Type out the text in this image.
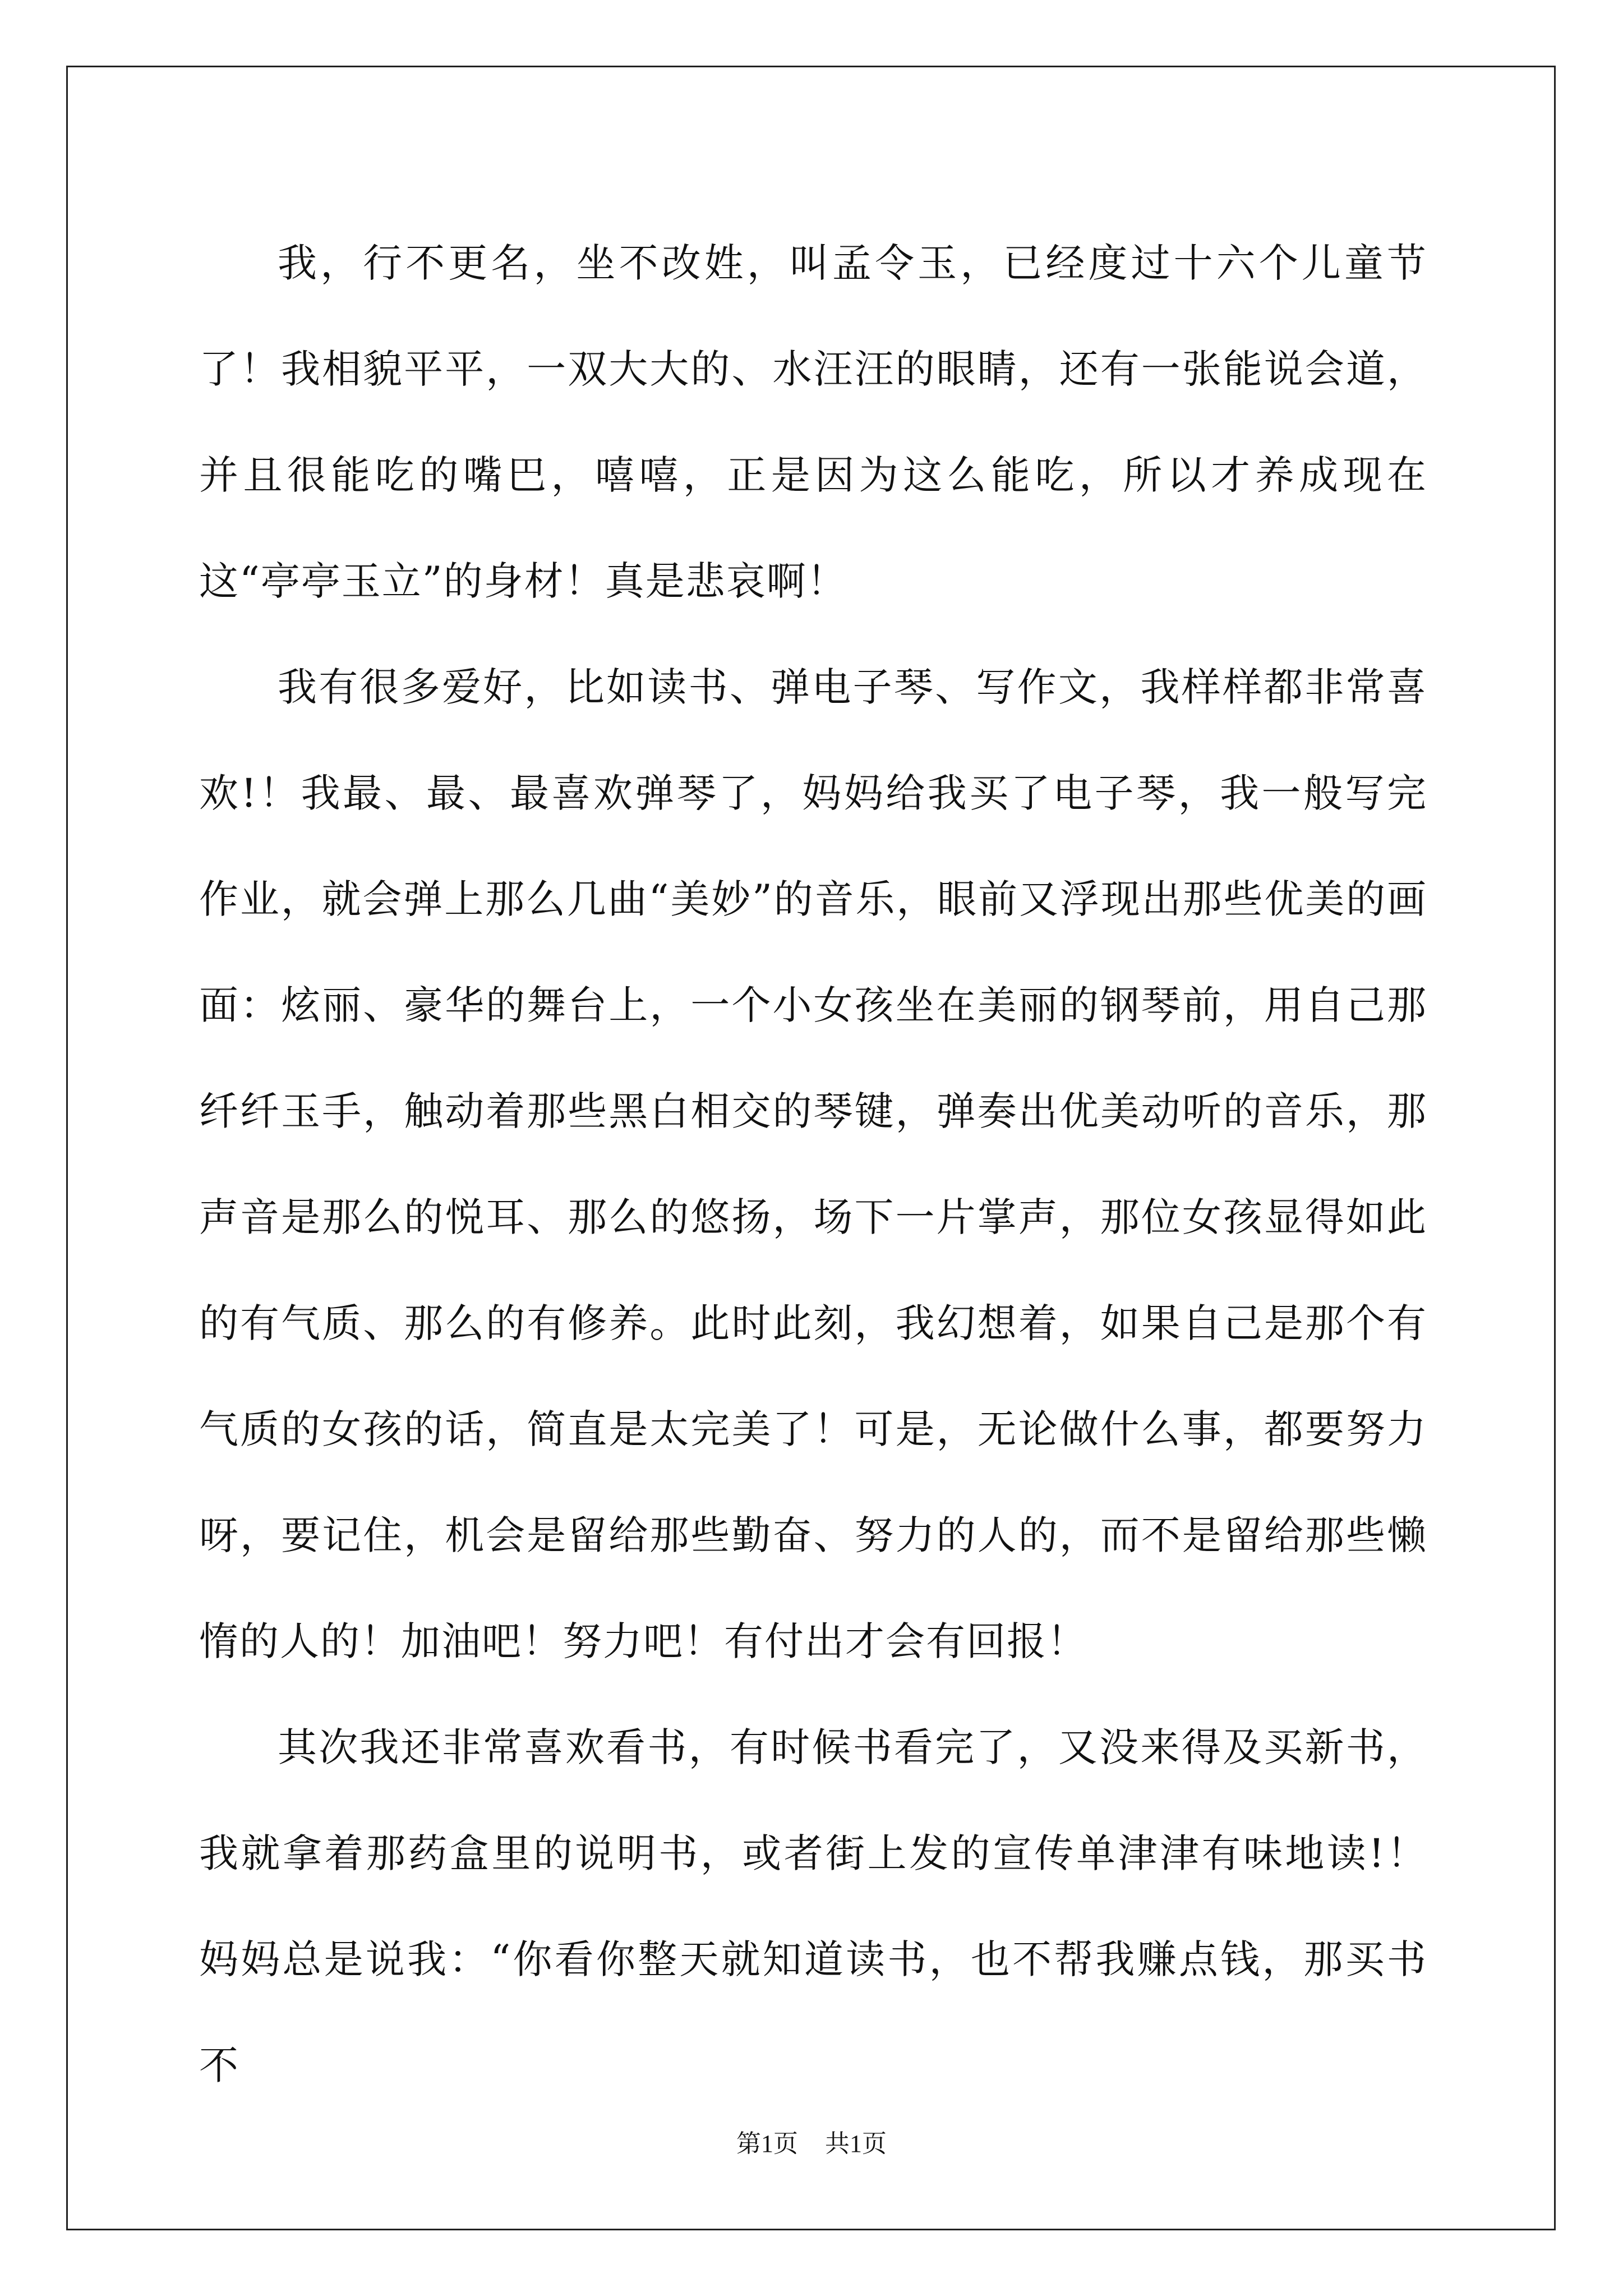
我，行不更名，坐不改姓，叫孟令玉，已经度过十六个儿童节了！我相貌平平，一双大大的、水汪汪的眼睛，还有一张能说会道，并且很能吃的嘴巴，嘻嘻，正是因为这么能吃，所以才养成现在这“亭亭玉立”的身材！真是悲哀啊！

我有很多爱好，比如读书、弹电子琴、写作文，我样样都非常喜欢!！我最、最、最喜欢弹琴了，妈妈给我买了电子琴，我一般写完作业，就会弹上那么几曲“美妙”的音乐，眼前又浮现出那些优美的画面：炫丽、豪华的舞台上，一个小女孩坐在美丽的钢琴前，用自己那纤纤玉手，触动着那些黑白相交的琴键，弹奏出优美动听的音乐，那声音是那么的悦耳、那么的悠扬，场下一片掌声，那位女孩显得如此的有气质、那么的有修养。此时此刻，我幻想着，如果自己是那个有气质的女孩的话，简直是太完美了！可是，无论做什么事，都要努力呀，要记住，机会是留给那些勤奋、努力的人的，而不是留给那些懒惰的人的！加油吧！努力吧！有付出才会有回报！

其次我还非常喜欢看书，有时候书看完了，又没来得及买新书，我就拿着那药盒里的说明书，或者街上发的宣传单津津有味地读!！妈妈总是说我：“你看你整天就知道读书，也不帮我赚点钱，那买书不

第1页 共1页
